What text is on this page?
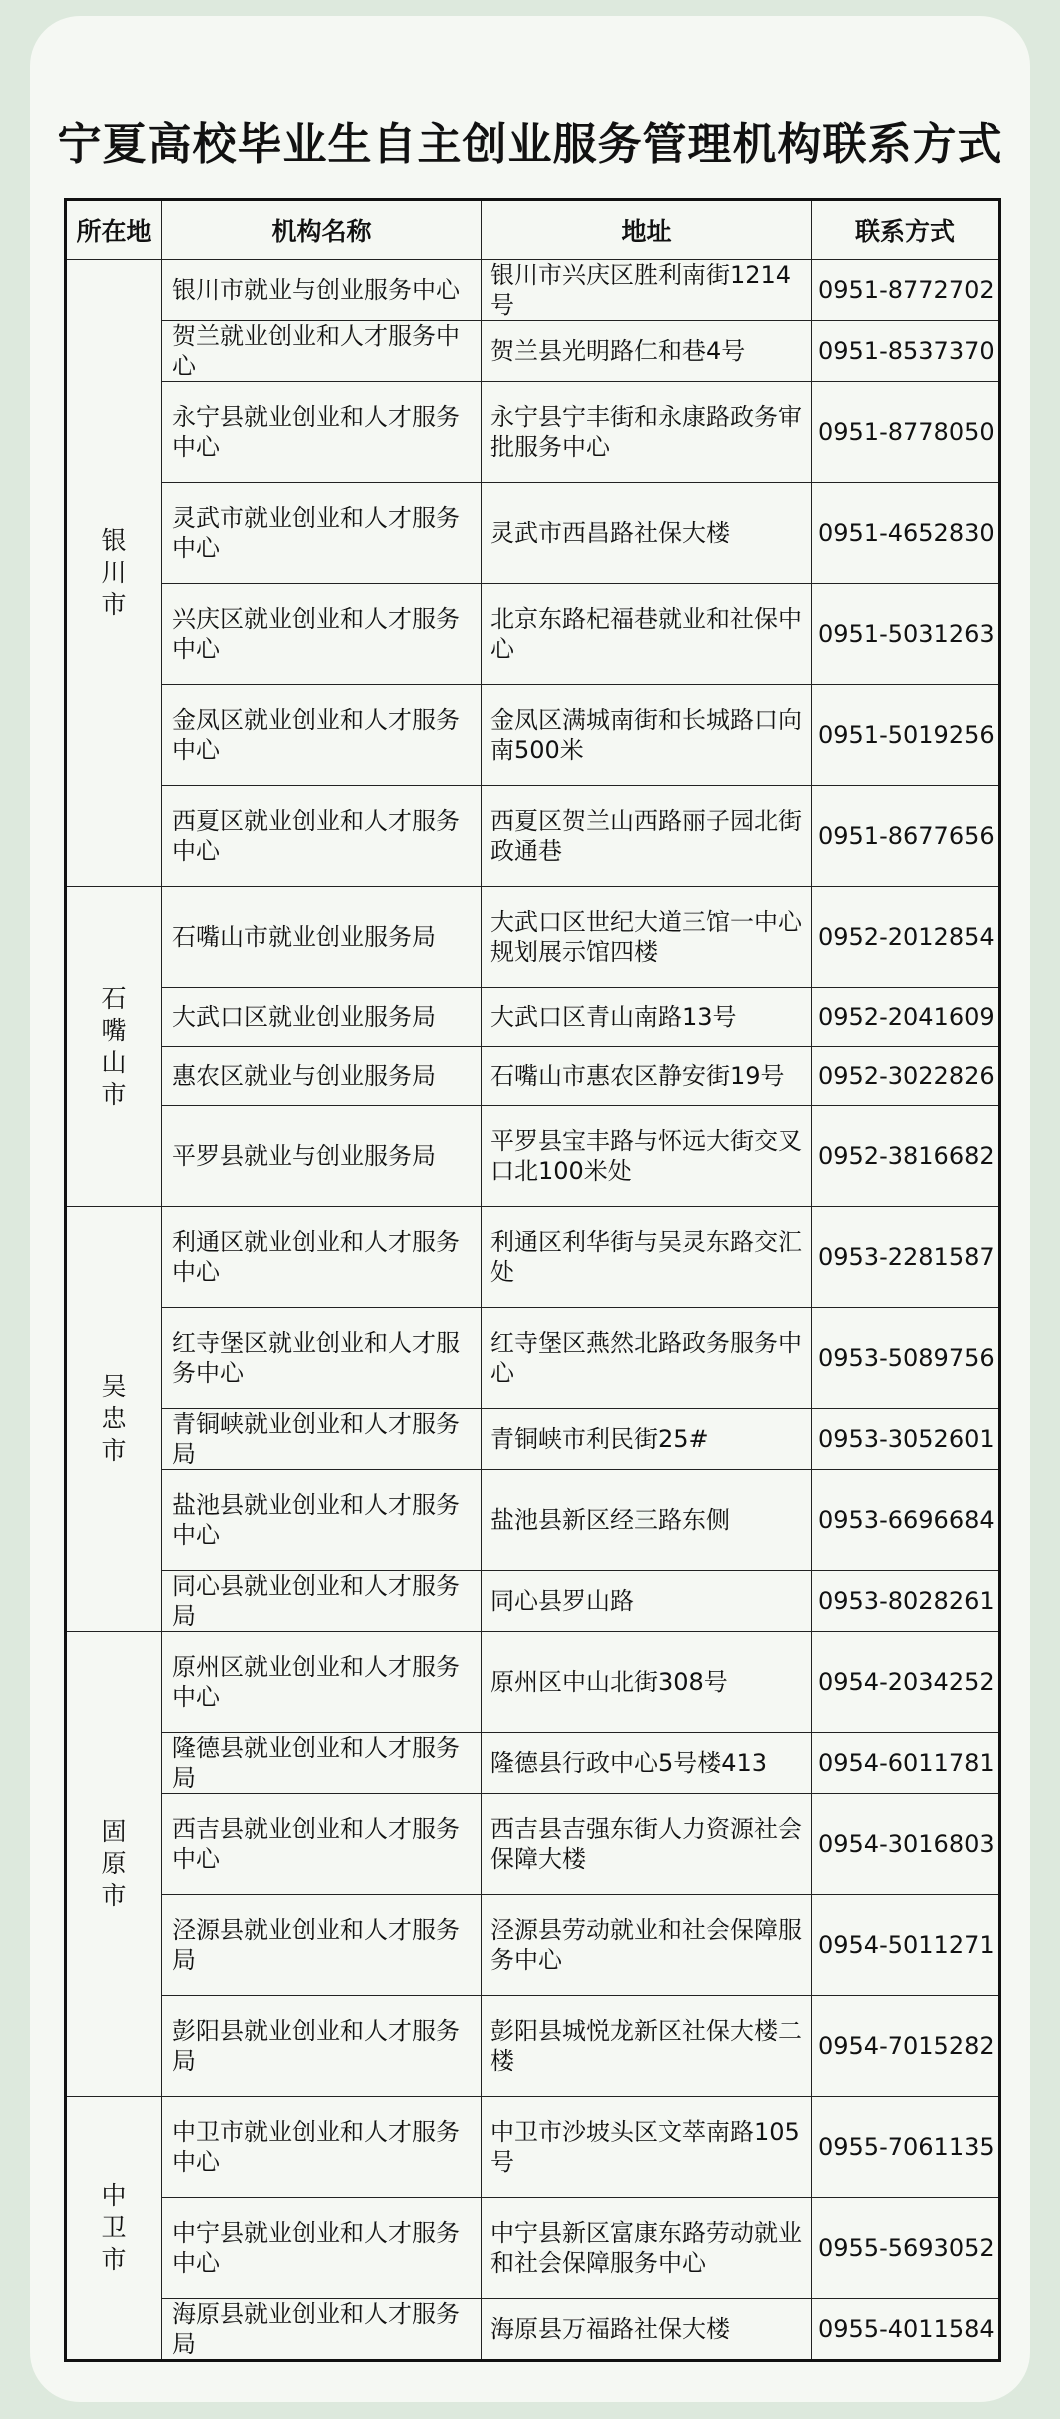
宁夏高校毕业生自主创业服务管理机构联系方式
所在地	机构名称	地址	联系方式
银川市	银川市就业与创业服务中心	银川市兴庆区胜利南街1214号	0951-8772702
	贺兰就业创业和人才服务中心	贺兰县光明路仁和巷4号	0951-8537370
	永宁县就业创业和人才服务中心	永宁县宁丰街和永康路政务审批服务中心	0951-8778050
	灵武市就业创业和人才服务中心	灵武市西昌路社保大楼	0951-4652830
	兴庆区就业创业和人才服务中心	北京东路杞福巷就业和社保中心	0951-5031263
	金凤区就业创业和人才服务中心	金凤区满城南街和长城路口向南500米	0951-5019256
	西夏区就业创业和人才服务中心	西夏区贺兰山西路丽子园北街政通巷	0951-8677656
石嘴山市	石嘴山市就业创业服务局	大武口区世纪大道三馆一中心规划展示馆四楼	0952-2012854
	大武口区就业创业服务局	大武口区青山南路13号	0952-2041609
	惠农区就业与创业服务局	石嘴山市惠农区静安街19号	0952-3022826
	平罗县就业与创业服务局	平罗县宝丰路与怀远大街交叉口北100米处	0952-3816682
吴忠市	利通区就业创业和人才服务中心	利通区利华街与吴灵东路交汇处	0953-2281587
	红寺堡区就业创业和人才服务中心	红寺堡区燕然北路政务服务中心	0953-5089756
	青铜峡就业创业和人才服务局	青铜峡市利民街25#	0953-3052601
	盐池县就业创业和人才服务中心	盐池县新区经三路东侧	0953-6696684
	同心县就业创业和人才服务局	同心县罗山路	0953-8028261
固原市	原州区就业创业和人才服务中心	原州区中山北街308号	0954-2034252
	隆德县就业创业和人才服务局	隆德县行政中心5号楼413	0954-6011781
	西吉县就业创业和人才服务中心	西吉县吉强东街人力资源社会保障大楼	0954-3016803
	泾源县就业创业和人才服务局	泾源县劳动就业和社会保障服务中心	0954-5011271
	彭阳县就业创业和人才服务局	彭阳县城悦龙新区社保大楼二楼	0954-7015282
中卫市	中卫市就业创业和人才服务中心	中卫市沙坡头区文萃南路105号	0955-7061135
	中宁县就业创业和人才服务中心	中宁县新区富康东路劳动就业和社会保障服务中心	0955-5693052
	海原县就业创业和人才服务局	海原县万福路社保大楼	0955-4011584
